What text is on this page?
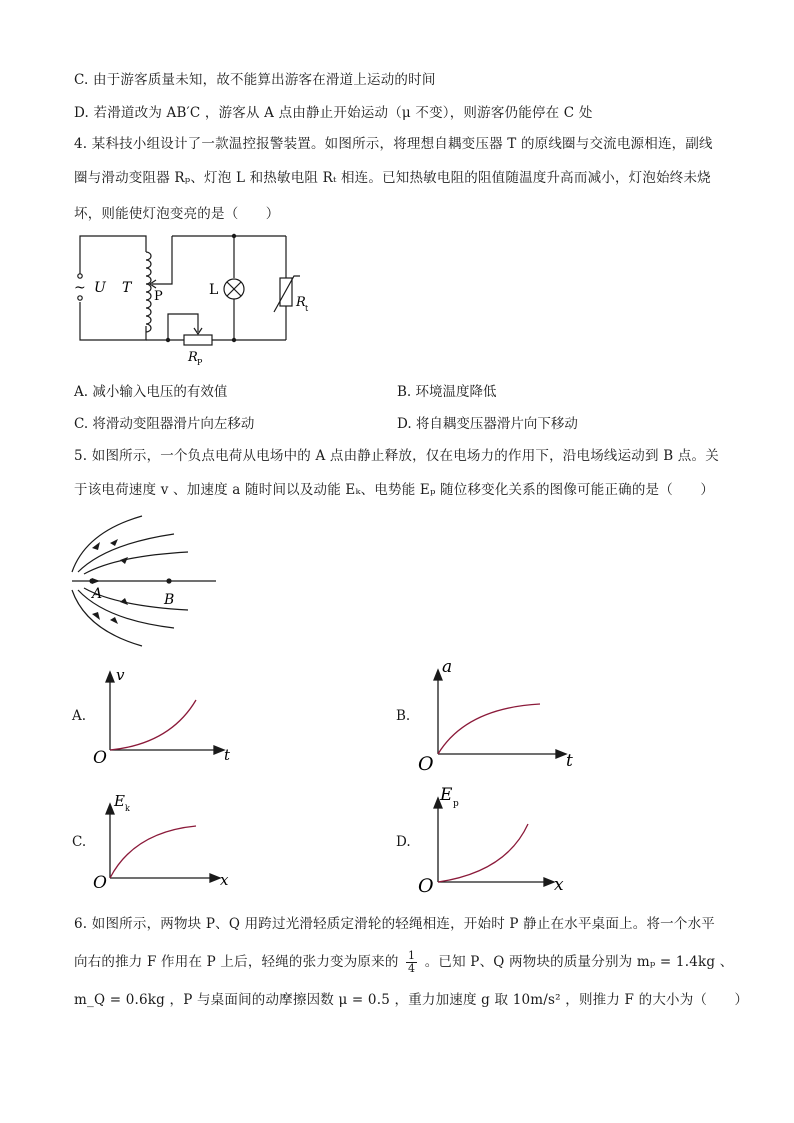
C. 由于游客质量未知，故不能算出游客在滑道上运动的时间
D. 若滑道改为 AB′C ，游客从 A 点由静止开始运动（μ 不变），则游客仍能停在 C 处
4. 某科技小组设计了一款温控报警装置。如图所示，将理想自耦变压器 T 的原线圈与交流电源相连，副线
圈与滑动变阻器 Rₚ、灯泡 L 和热敏电阻 Rₜ 相连。已知热敏电阻的阻值随温度升高而减小，灯泡始终未烧
坏，则能使灯泡变亮的是（　　）
~ U T
P	L
R t
R P
A. 减小输入电压的有效值	B. 环境温度降低
C. 将滑动变阻器滑片向左移动	D. 将自耦变压器滑片向下移动
5. 如图所示，一个负点电荷从电场中的 A 点由静止释放，仅在电场力的作用下，沿电场线运动到 B 点。关
于该电荷速度 v 、加速度 a 随时间以及动能 Eₖ、电势能 Eₚ 随位移变化关系的图像可能正确的是（　　）
A	B
A.
v
t
O
B.
a
t
O
C.
E k
x
O
D.
E p
x
O
6. 如图所示，两物块 P、Q 用跨过光滑轻质定滑轮的轻绳相连，开始时 P 静止在水平桌面上。将一个水平
向右的推力 F 作用在 P 上后，轻绳的张力变为原来的 $\frac{1}{4}$ 。已知 P、Q 两物块的质量分别为 mₚ = 1.4kg 、
m_Q = 0.6kg ，P 与桌面间的动摩擦因数 μ = 0.5 ，重力加速度 g 取 10m/s² ，则推力 F 的大小为（　　）
